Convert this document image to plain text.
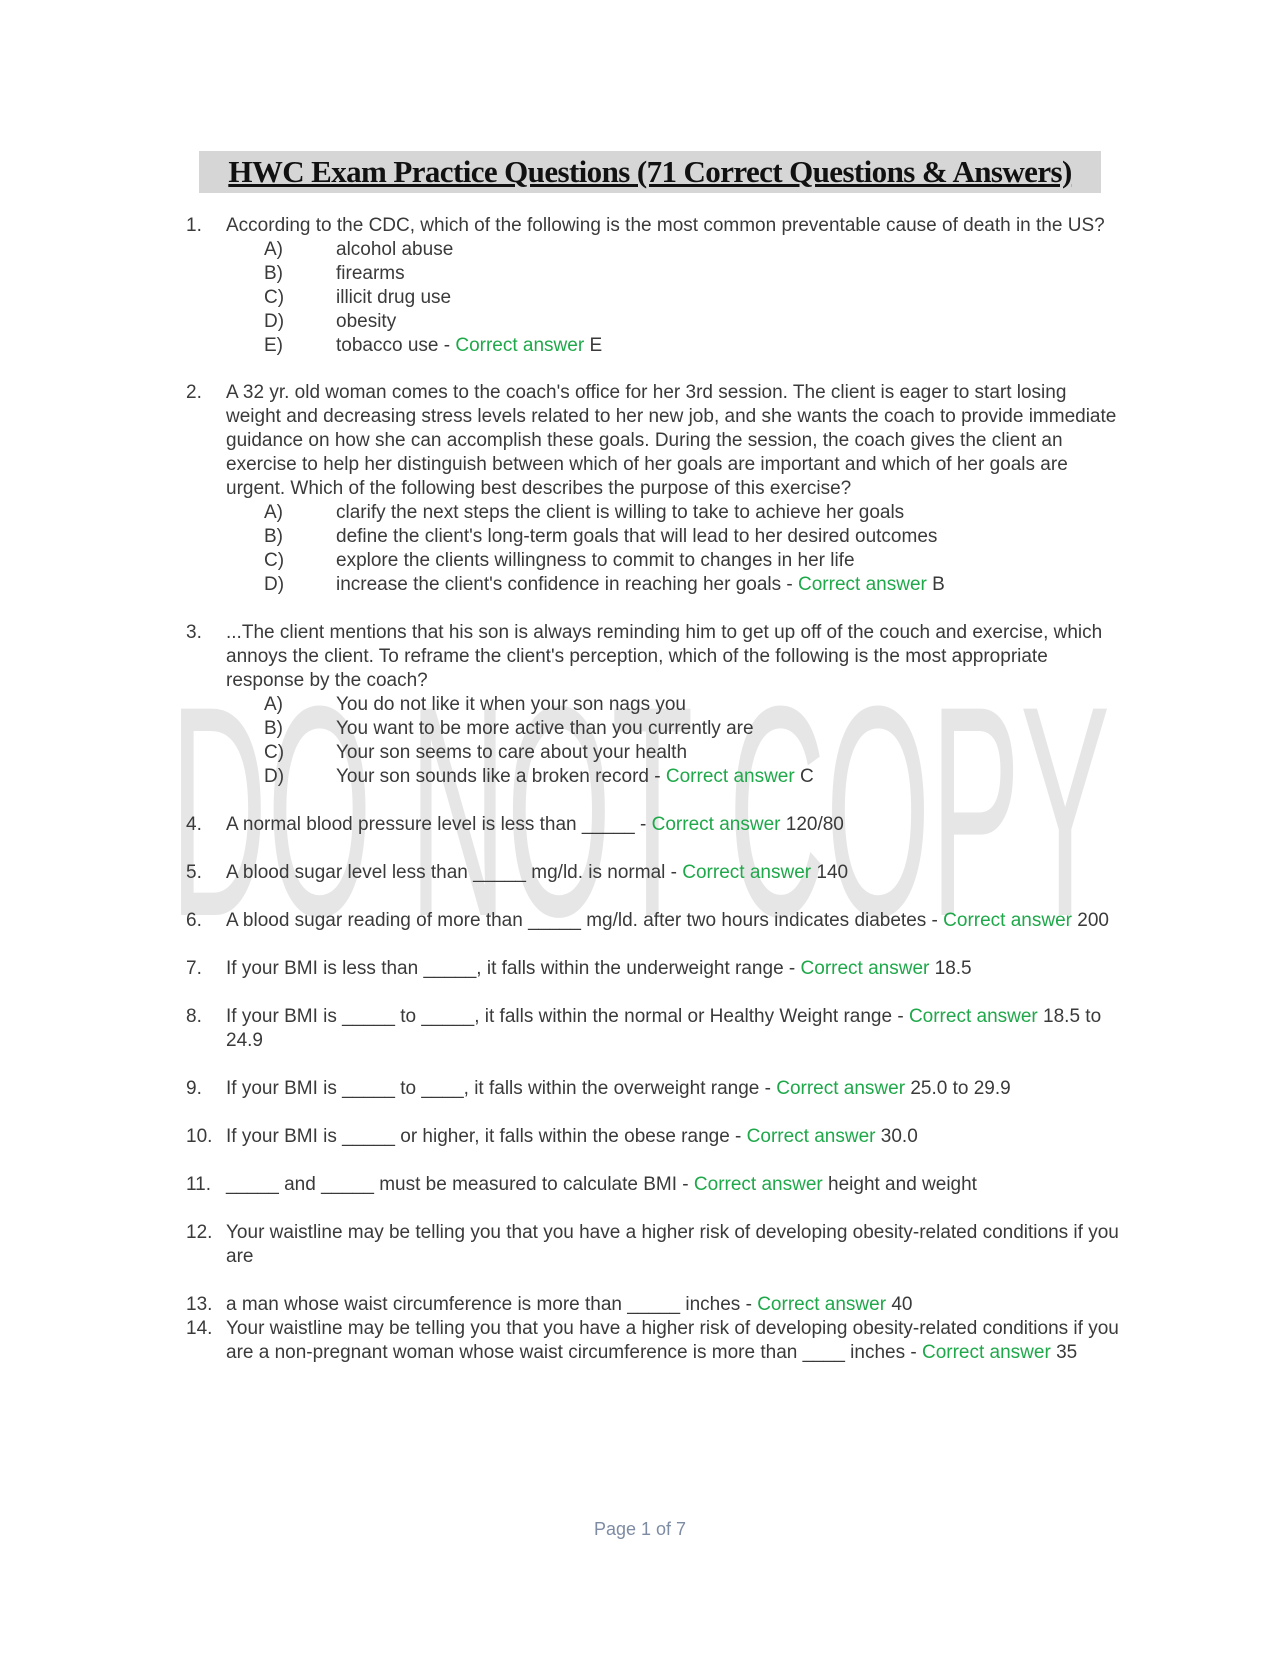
DO NOT COPY
HWC Exam Practice Questions (71 Correct Questions & Answers)
1.	According to the CDC, which of the following is the most common preventable cause of death in the US?
A)	alcohol abuse
B)	firearms
C)	illicit drug use
D)	obesity
E)	tobacco use - Correct answer E
2.	A 32 yr. old woman comes to the coach's office for her 3rd session. The client is eager to start losing weight and decreasing stress levels related to her new job, and she wants the coach to provide immediate guidance on how she can accomplish these goals. During the session, the coach gives the client an exercise to help her distinguish between which of her goals are important and which of her goals are urgent. Which of the following best describes the purpose of this exercise?
A)	clarify the next steps the client is willing to take to achieve her goals
B)	define the client's long-term goals that will lead to her desired outcomes
C)	explore the clients willingness to commit to changes in her life
D)	increase the client's confidence in reaching her goals - Correct answer B
3.	...The client mentions that his son is always reminding him to get up off of the couch and exercise, which annoys the client. To reframe the client's perception, which of the following is the most appropriate response by the coach?
A)	You do not like it when your son nags you
B)	You want to be more active than you currently are
C)	Your son seems to care about your health
D)	Your son sounds like a broken record - Correct answer C
4.	A normal blood pressure level is less than _____ - Correct answer 120/80
5.	A blood sugar level less than _____ mg/ld. is normal - Correct answer 140
6.	A blood sugar reading of more than _____ mg/ld. after two hours indicates diabetes - Correct answer 200
7.	If your BMI is less than _____, it falls within the underweight range - Correct answer 18.5
8.	If your BMI is _____ to _____, it falls within the normal or Healthy Weight range - Correct answer 18.5 to 24.9
9.	If your BMI is _____ to ____, it falls within the overweight range - Correct answer 25.0 to 29.9
10. If your BMI is _____ or higher, it falls within the obese range - Correct answer 30.0
11. _____ and _____ must be measured to calculate BMI - Correct answer height and weight
12. Your waistline may be telling you that you have a higher risk of developing obesity-related conditions if you are
13. a man whose waist circumference is more than _____ inches - Correct answer 40
14. Your waistline may be telling you that you have a higher risk of developing obesity-related conditions if you are a non-pregnant woman whose waist circumference is more than ____ inches - Correct answer 35
Page 1 of 7
